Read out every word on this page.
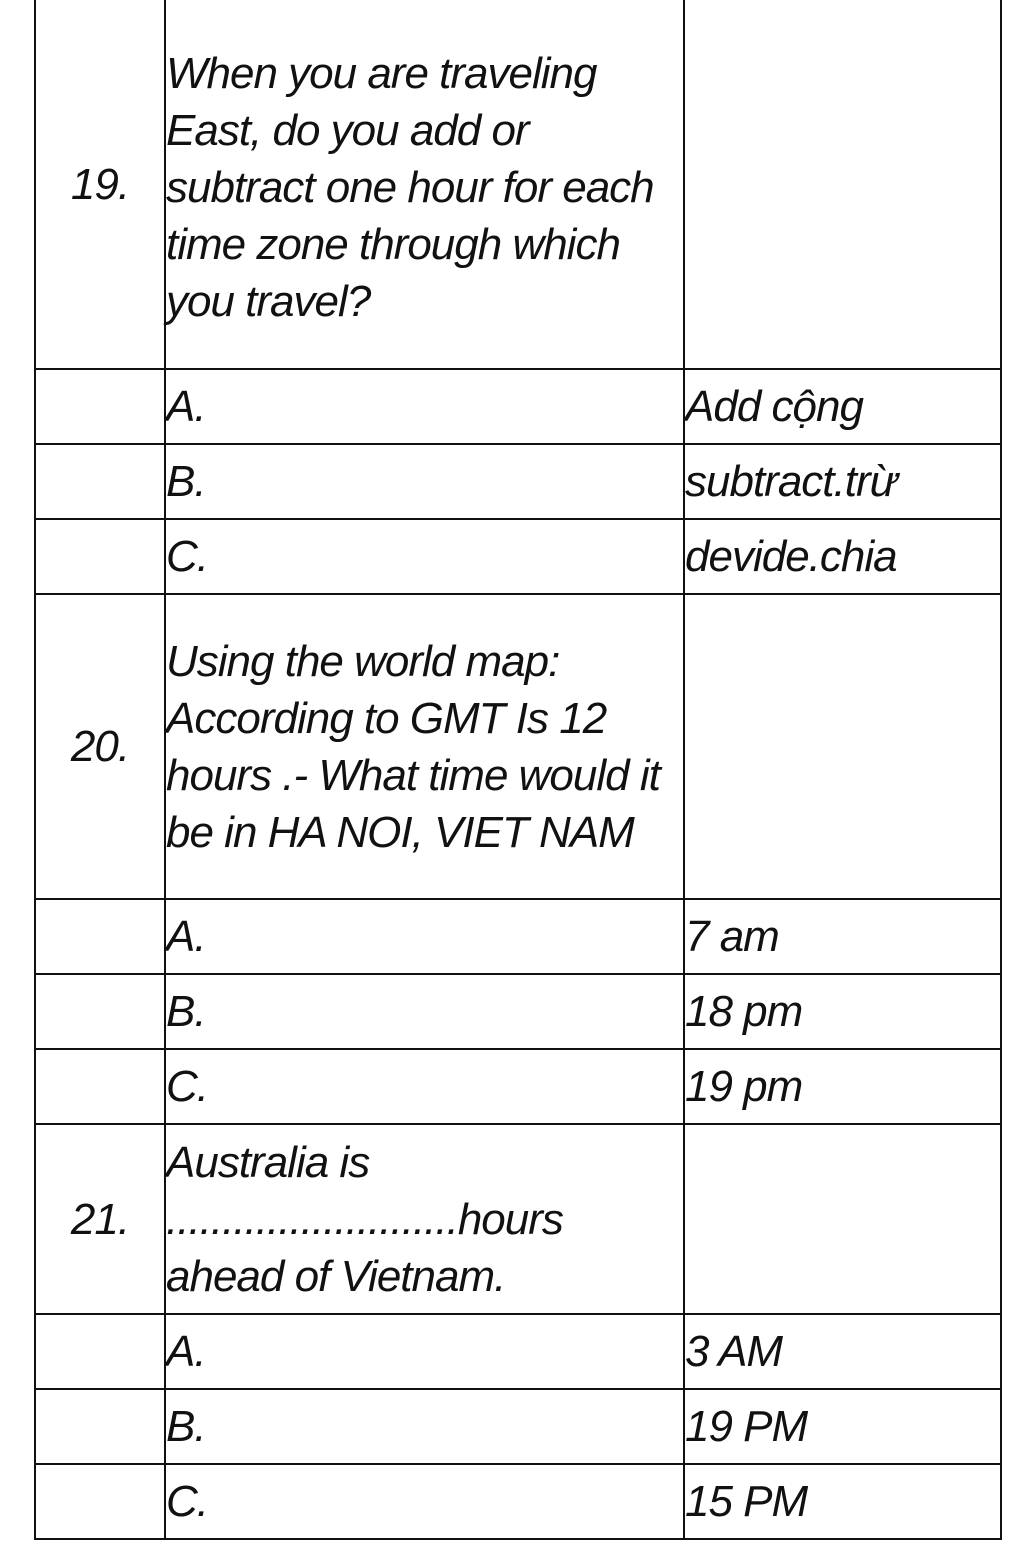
19.	When you are traveling East, do you add or subtract one hour for each time zone through which you travel?	
	A.	Add cộng
	B.	subtract.trừ
	C.	devide.chia
20.	Using the world map: According to GMT Is 12 hours .- What time would it be in HA NOI, VIET NAM	
	A.	7 am
	B.	18 pm
	C.	19 pm
21.	Australia is ..........................hours ahead of Vietnam.	
	A.	3 AM
	B.	19 PM
	C.	15 PM
